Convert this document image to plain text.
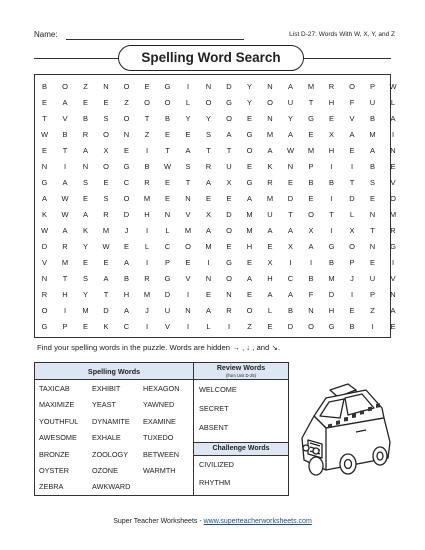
Name:	List D-27: Words With W, X, Y, and Z
Spelling Word Search
B	O	Z	N	O	E	G	I	N	D	Y	N	A	M	R	O	P	W
E	A	E	E	Z	O	O	L	O	G	Y	O	U	T	H	F	U	L
T	V	B	S	O	T	B	Y	Y	O	E	N	Y	G	E	V	B	A
W	B	R	O	N	Z	E	E	S	A	G	M	A	E	X	A	M	I
E	T	A	X	E	I	T	A	T	T	O	A	W	M	H	E	A	N
N	I	N	O	G	B	W	S	R	U	E	K	N	P	I	I	B	E
G	A	S	E	C	R	E	T	A	X	G	R	E	B	B	T	S	V
A	W	E	S	O	M	E	N	E	E	A	M	D	E	I	D	E	O
K	W	A	R	D	H	N	V	X	D	M	U	T	O	T	L	N	M
W	A	K	M	J	I	L	M	A	O	M	A	A	X	I	X	T	R
D	R	Y	W	E	L	C	O	M	E	H	E	X	A	G	O	N	G
V	M	E	E	A	I	P	E	I	G	E	X	I	I	B	P	E	I
N	T	S	A	B	R	G	V	N	O	A	H	C	B	M	J	U	V
R	H	Y	T	H	M	D	I	E	N	E	A	A	F	D	I	P	N
O	I	M	D	A	J	U	N	A	R	O	L	B	N	H	E	Z	A
G	P	E	K	C	I	V	I	L	I	Z	E	D	O	G	B	I	E
Find your spelling words in the puzzle. Words are hidden → , ↓ , and ↘.
Spelling Words
TAXICAB
MAXIMIZE
YOUTHFUL
AWESOME
BRONZE
OYSTER
ZEBRA
EXHIBIT
YEAST
DYNAMITE
EXHALE
ZOOLOGY
OZONE
AWKWARD
HEXAGON
YAWNED
EXAMINE
TUXEDO
BETWEEN
WARMTH
Review Words
(from Unit D-25)
WELCOME
SECRET
ABSENT
Challenge Words
CIVILIZED
RHYTHM
Super Teacher Worksheets - www.superteacherworksheets.com
